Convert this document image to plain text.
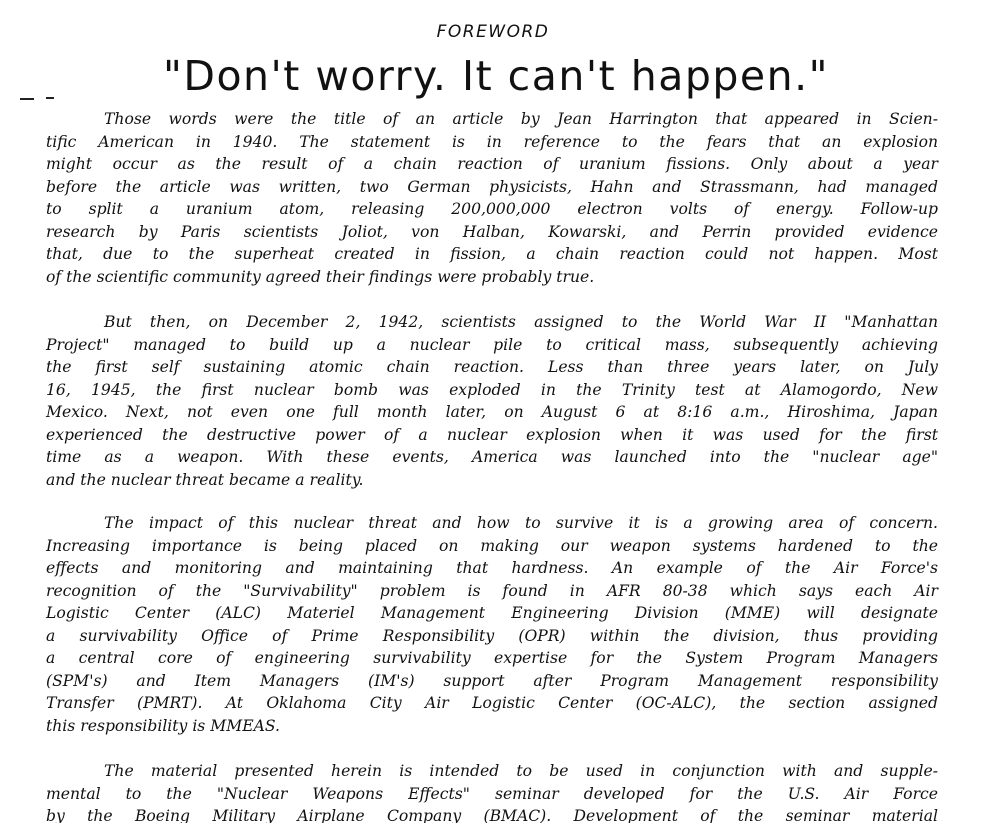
FOREWORD
"Don't worry. It can't happen."
Those words were the title of an article by Jean Harrington that appeared in Scien-
tific American in 1940. The statement is in reference to the fears that an explosion
might occur as the result of a chain reaction of uranium fissions. Only about a year
before the article was written, two German physicists, Hahn and Strassmann, had managed
to split a uranium atom, releasing 200,000,000 electron volts of energy. Follow-up
research by Paris scientists Joliot, von Halban, Kowarski, and Perrin provided evidence
that, due to the superheat created in fission, a chain reaction could not happen. Most
of the scientific community agreed their findings were probably true.
But then, on December 2, 1942, scientists assigned to the World War II "Manhattan
Project" managed to build up a nuclear pile to critical mass, subsequently achieving
the first self sustaining atomic chain reaction. Less than three years later, on July
16, 1945, the first nuclear bomb was exploded in the Trinity test at Alamogordo, New
Mexico. Next, not even one full month later, on August 6 at 8:16 a.m., Hiroshima, Japan
experienced the destructive power of a nuclear explosion when it was used for the first
time as a weapon. With these events, America was launched into the "nuclear age"
and the nuclear threat became a reality.
The impact of this nuclear threat and how to survive it is a growing area of concern.
Increasing importance is being placed on making our weapon systems hardened to the
effects and monitoring and maintaining that hardness. An example of the Air Force's
recognition of the "Survivability" problem is found in AFR 80-38 which says each Air
Logistic Center (ALC) Materiel Management Engineering Division (MME) will designate
a survivability Office of Prime Responsibility (OPR) within the division, thus providing
a central core of engineering survivability expertise for the System Program Managers
(SPM's) and Item Managers (IM's) support after Program Management responsibility
Transfer (PMRT). At Oklahoma City Air Logistic Center (OC-ALC), the section assigned
this responsibility is MMEAS.
The material presented herein is intended to be used in conjunction with and supple-
mental to the "Nuclear Weapons Effects" seminar developed for the U.S. Air Force
by the Boeing Military Airplane Company (BMAC). Development of the seminar material
